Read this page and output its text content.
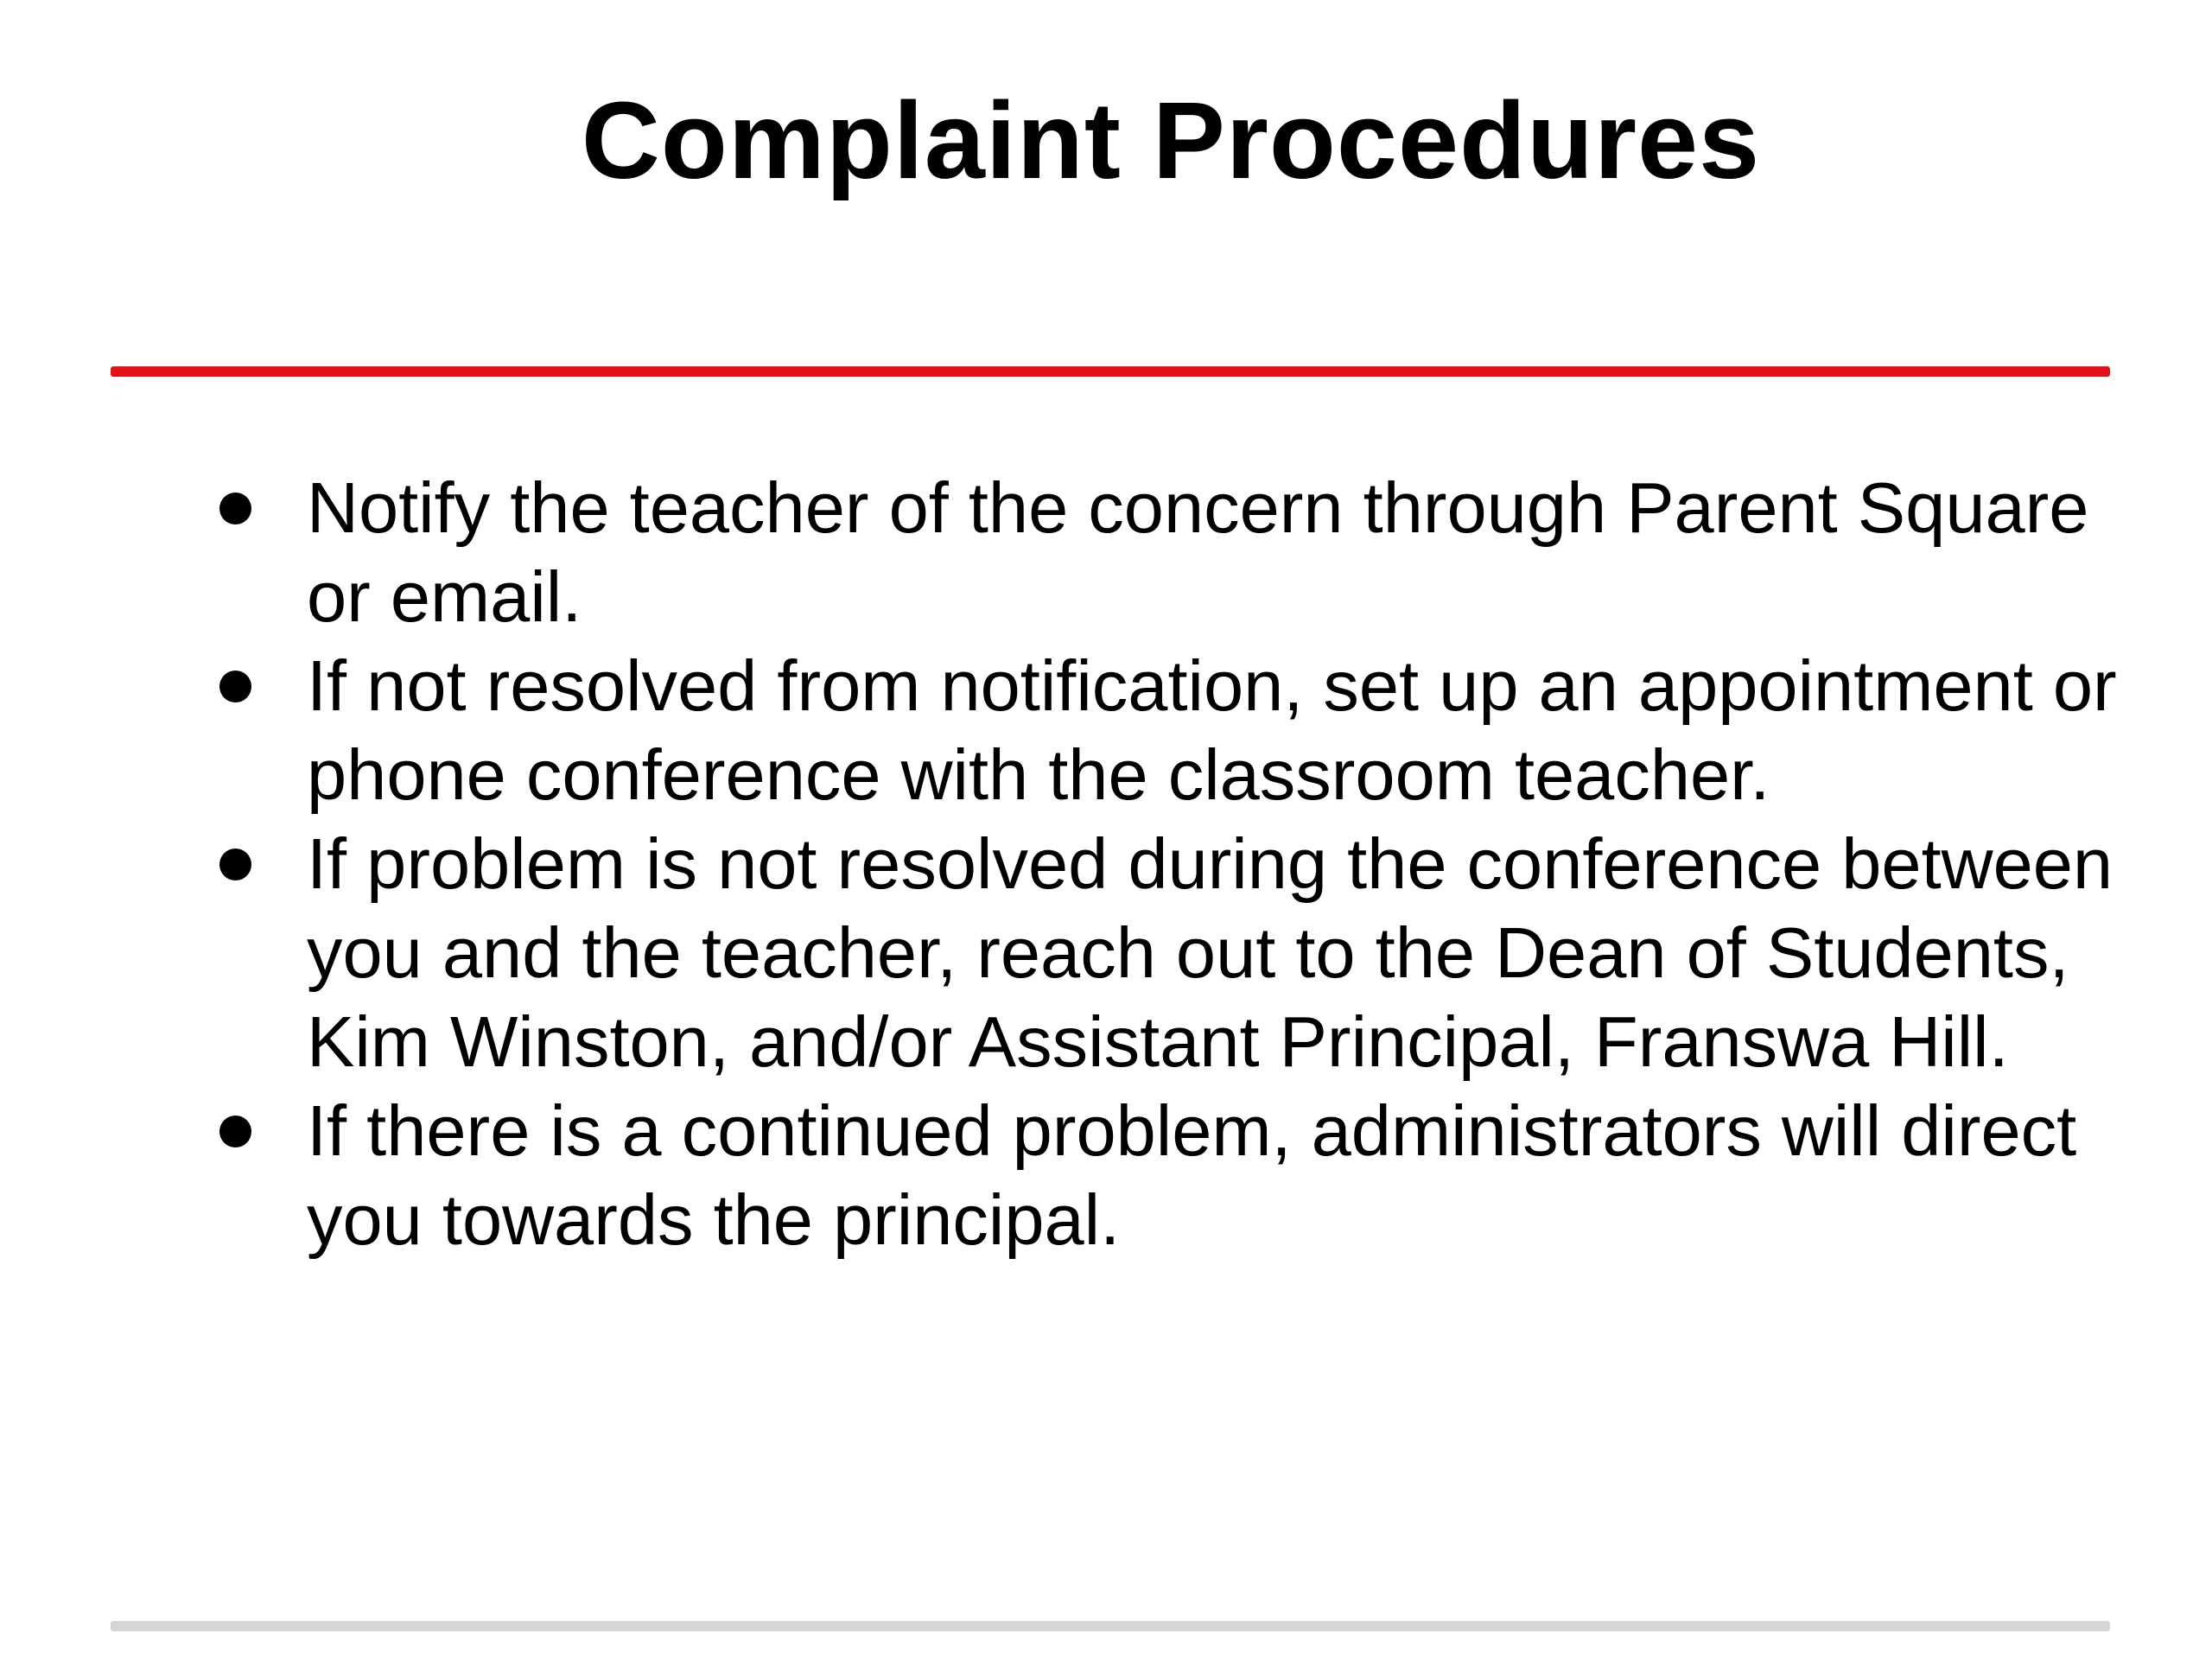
Complaint Procedures
Notify the teacher of the concern through Parent Square or email.
If not resolved from notification, set up an appointment or phone conference with the classroom teacher.
If problem is not resolved during the conference between you and the teacher, reach out to the Dean of Students, Kim Winston, and/or Assistant Principal, Franswa Hill.
If there is a continued problem, administrators will direct you towards the principal.
